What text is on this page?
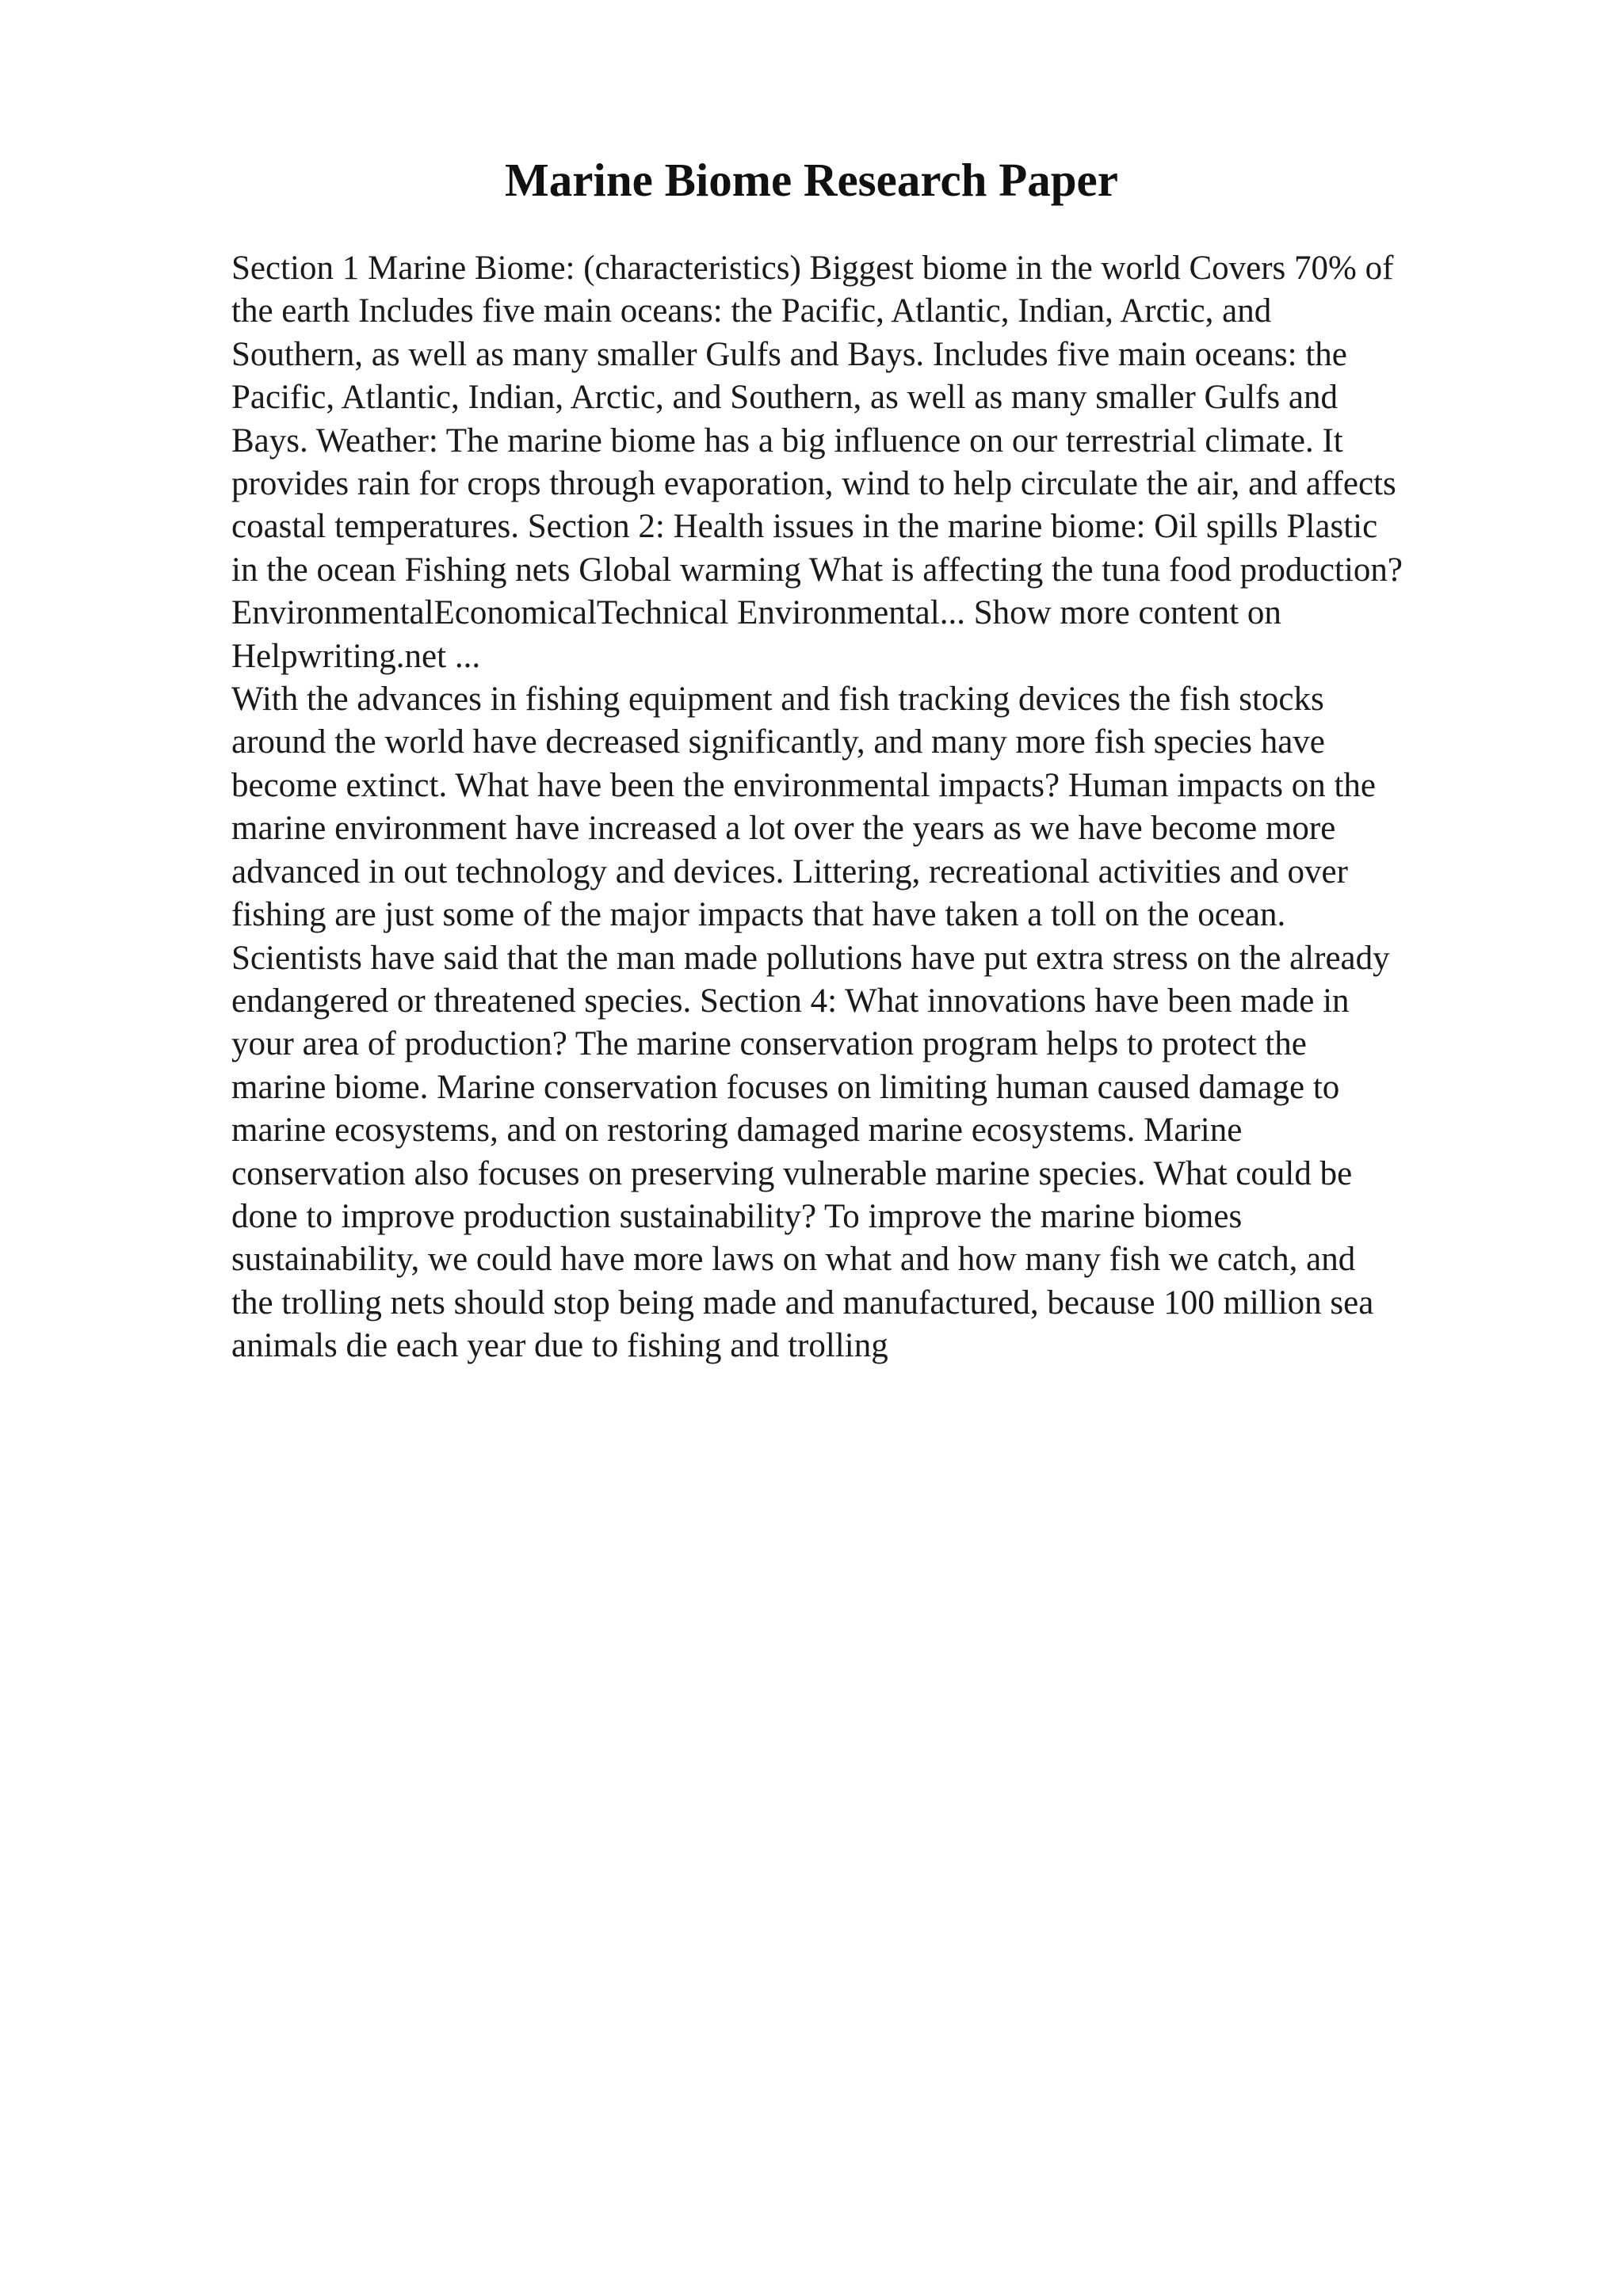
Marine Biome Research Paper
Section 1 Marine Biome: (characteristics) Biggest biome in the world Covers 70% of
the earth Includes five main oceans: the Pacific, Atlantic, Indian, Arctic, and
Southern, as well as many smaller Gulfs and Bays. Includes five main oceans: the
Pacific, Atlantic, Indian, Arctic, and Southern, as well as many smaller Gulfs and
Bays. Weather: The marine biome has a big influence on our terrestrial climate. It
provides rain for crops through evaporation, wind to help circulate the air, and affects
coastal temperatures. Section 2: Health issues in the marine biome: Oil spills Plastic
in the ocean Fishing nets Global warming What is affecting the tuna food production?
EnvironmentalEconomicalTechnical Environmental... Show more content on
Helpwriting.net ...
With the advances in fishing equipment and fish tracking devices the fish stocks
around the world have decreased significantly, and many more fish species have
become extinct. What have been the environmental impacts? Human impacts on the
marine environment have increased a lot over the years as we have become more
advanced in out technology and devices. Littering, recreational activities and over
fishing are just some of the major impacts that have taken a toll on the ocean.
Scientists have said that the man made pollutions have put extra stress on the already
endangered or threatened species. Section 4: What innovations have been made in
your area of production? The marine conservation program helps to protect the
marine biome. Marine conservation focuses on limiting human caused damage to
marine ecosystems, and on restoring damaged marine ecosystems. Marine
conservation also focuses on preserving vulnerable marine species. What could be
done to improve production sustainability? To improve the marine biomes
sustainability, we could have more laws on what and how many fish we catch, and
the trolling nets should stop being made and manufactured, because 100 million sea
animals die each year due to fishing and trolling
